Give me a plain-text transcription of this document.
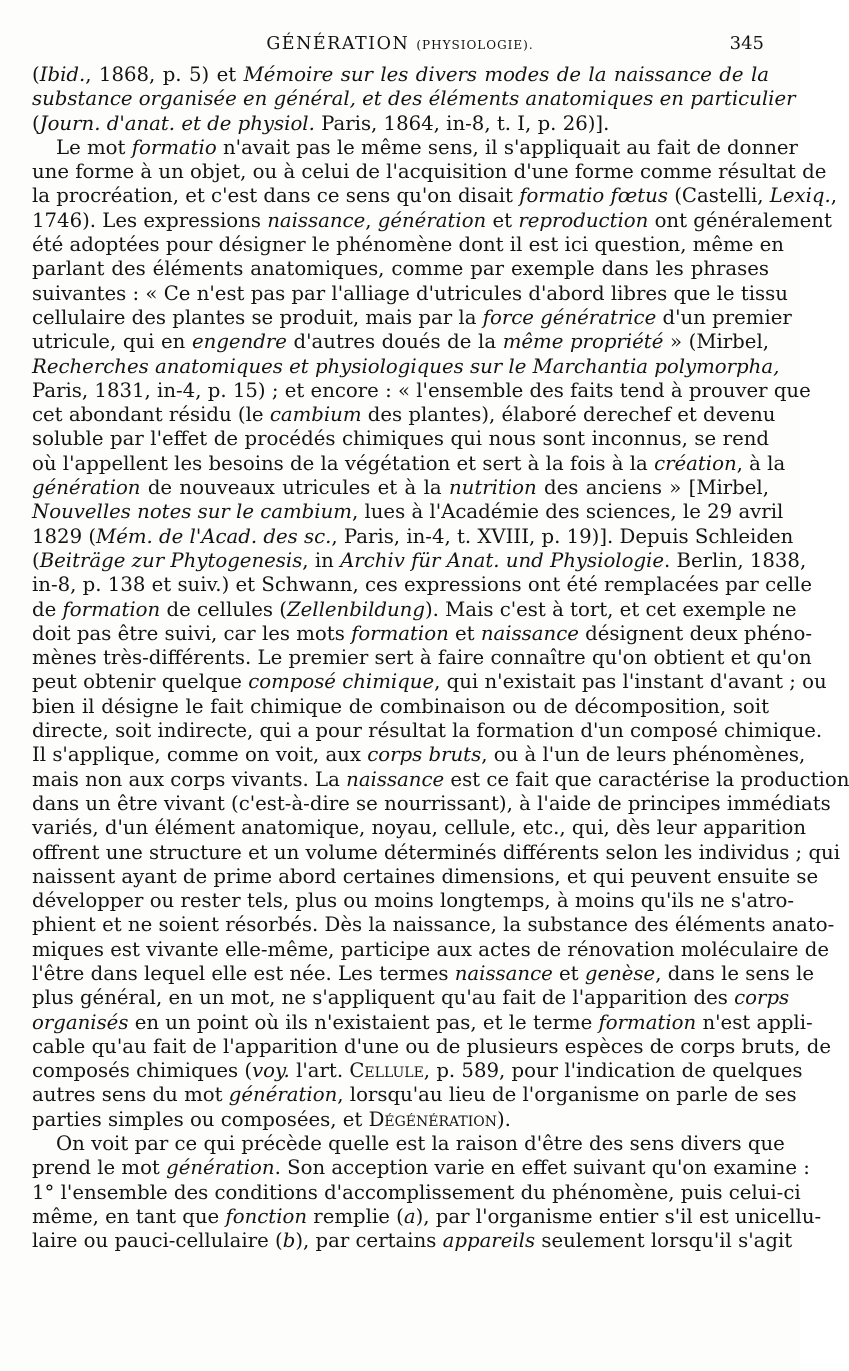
GÉNÉRATION (PHYSIOLOGIE).	345
(Ibid., 1868, p. 5) et Mémoire sur les divers modes de la naissance de la
substance organisée en général, et des éléments anatomiques en particulier
(Journ. d'anat. et de physiol. Paris, 1864, in-8, t. I, p. 26)].
Le mot formatio n'avait pas le même sens, il s'appliquait au fait de donner
une forme à un objet, ou à celui de l'acquisition d'une forme comme résultat de
la procréation, et c'est dans ce sens qu'on disait formatio fœtus (Castelli, Lexiq.,
1746). Les expressions naissance, génération et reproduction ont généralement
été adoptées pour désigner le phénomène dont il est ici question, même en
parlant des éléments anatomiques, comme par exemple dans les phrases
suivantes : « Ce n'est pas par l'alliage d'utricules d'abord libres que le tissu
cellulaire des plantes se produit, mais par la force génératrice d'un premier
utricule, qui en engendre d'autres doués de la même propriété » (Mirbel,
Recherches anatomiques et physiologiques sur le Marchantia polymorpha,
Paris, 1831, in-4, p. 15) ; et encore : « l'ensemble des faits tend à prouver que
cet abondant résidu (le cambium des plantes), élaboré derechef et devenu
soluble par l'effet de procédés chimiques qui nous sont inconnus, se rend
où l'appellent les besoins de la végétation et sert à la fois à la création, à la
génération de nouveaux utricules et à la nutrition des anciens » [Mirbel,
Nouvelles notes sur le cambium, lues à l'Académie des sciences, le 29 avril
1829 (Mém. de l'Acad. des sc., Paris, in-4, t. XVIII, p. 19)]. Depuis Schleiden
(Beiträge zur Phytogenesis, in Archiv für Anat. und Physiologie. Berlin, 1838,
in-8, p. 138 et suiv.) et Schwann, ces expressions ont été remplacées par celle
de formation de cellules (Zellenbildung). Mais c'est à tort, et cet exemple ne
doit pas être suivi, car les mots formation et naissance désignent deux phéno-
mènes très-différents. Le premier sert à faire connaître qu'on obtient et qu'on
peut obtenir quelque composé chimique, qui n'existait pas l'instant d'avant ; ou
bien il désigne le fait chimique de combinaison ou de décomposition, soit
directe, soit indirecte, qui a pour résultat la formation d'un composé chimique.
Il s'applique, comme on voit, aux corps bruts, ou à l'un de leurs phénomènes,
mais non aux corps vivants. La naissance est ce fait que caractérise la production
dans un être vivant (c'est-à-dire se nourrissant), à l'aide de principes immédiats
variés, d'un élément anatomique, noyau, cellule, etc., qui, dès leur apparition
offrent une structure et un volume déterminés différents selon les individus ; qui
naissent ayant de prime abord certaines dimensions, et qui peuvent ensuite se
développer ou rester tels, plus ou moins longtemps, à moins qu'ils ne s'atro-
phient et ne soient résorbés. Dès la naissance, la substance des éléments anato-
miques est vivante elle-même, participe aux actes de rénovation moléculaire de
l'être dans lequel elle est née. Les termes naissance et genèse, dans le sens le
plus général, en un mot, ne s'appliquent qu'au fait de l'apparition des corps
organisés en un point où ils n'existaient pas, et le terme formation n'est appli-
cable qu'au fait de l'apparition d'une ou de plusieurs espèces de corps bruts, de
composés chimiques (voy. l'art. Cellule, p. 589, pour l'indication de quelques
autres sens du mot génération, lorsqu'au lieu de l'organisme on parle de ses
parties simples ou composées, et Dégénération).
On voit par ce qui précède quelle est la raison d'être des sens divers que
prend le mot génération. Son acception varie en effet suivant qu'on examine :
1° l'ensemble des conditions d'accomplissement du phénomène, puis celui-ci
même, en tant que fonction remplie (a), par l'organisme entier s'il est unicellu-
laire ou pauci-cellulaire (b), par certains appareils seulement lorsqu'il s'agit
